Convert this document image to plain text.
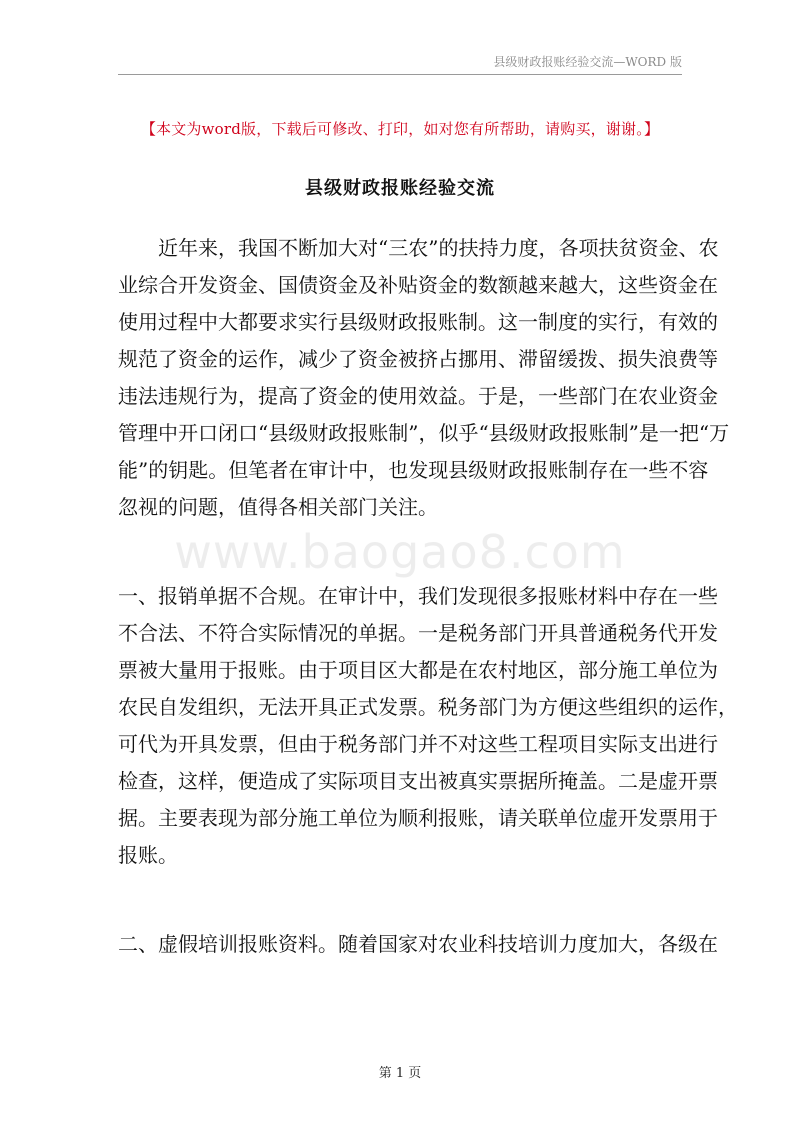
县级财政报账经验交流—WORD 版
【本文为word版，下载后可修改、打印，如对您有所帮助，请购买，谢谢。】
县级财政报账经验交流
www.baogao8.com

近年来，我国不断加大对“三农”的扶持力度，各项扶贫资金、农
业综合开发资金、国债资金及补贴资金的数额越来越大，这些资金在
使用过程中大都要求实行县级财政报账制。这一制度的实行，有效的
规范了资金的运作，减少了资金被挤占挪用、滞留缓拨、损失浪费等
违法违规行为，提高了资金的使用效益。于是，一些部门在农业资金
管理中开口闭口“县级财政报账制”，似乎“县级财政报账制”是一把“万
能”的钥匙。但笔者在审计中，也发现县级财政报账制存在一些不容
忽视的问题，值得各相关部门关注。

一、报销单据不合规。在审计中，我们发现很多报账材料中存在一些
不合法、不符合实际情况的单据。一是税务部门开具普通税务代开发
票被大量用于报账。由于项目区大都是在农村地区，部分施工单位为
农民自发组织，无法开具正式发票。税务部门为方便这些组织的运作，
可代为开具发票，但由于税务部门并不对这些工程项目实际支出进行
检查，这样，便造成了实际项目支出被真实票据所掩盖。二是虚开票
据。主要表现为部分施工单位为顺利报账，请关联单位虚开发票用于
报账。

二、虚假培训报账资料。随着国家对农业科技培训力度加大，各级在

第 1 页
